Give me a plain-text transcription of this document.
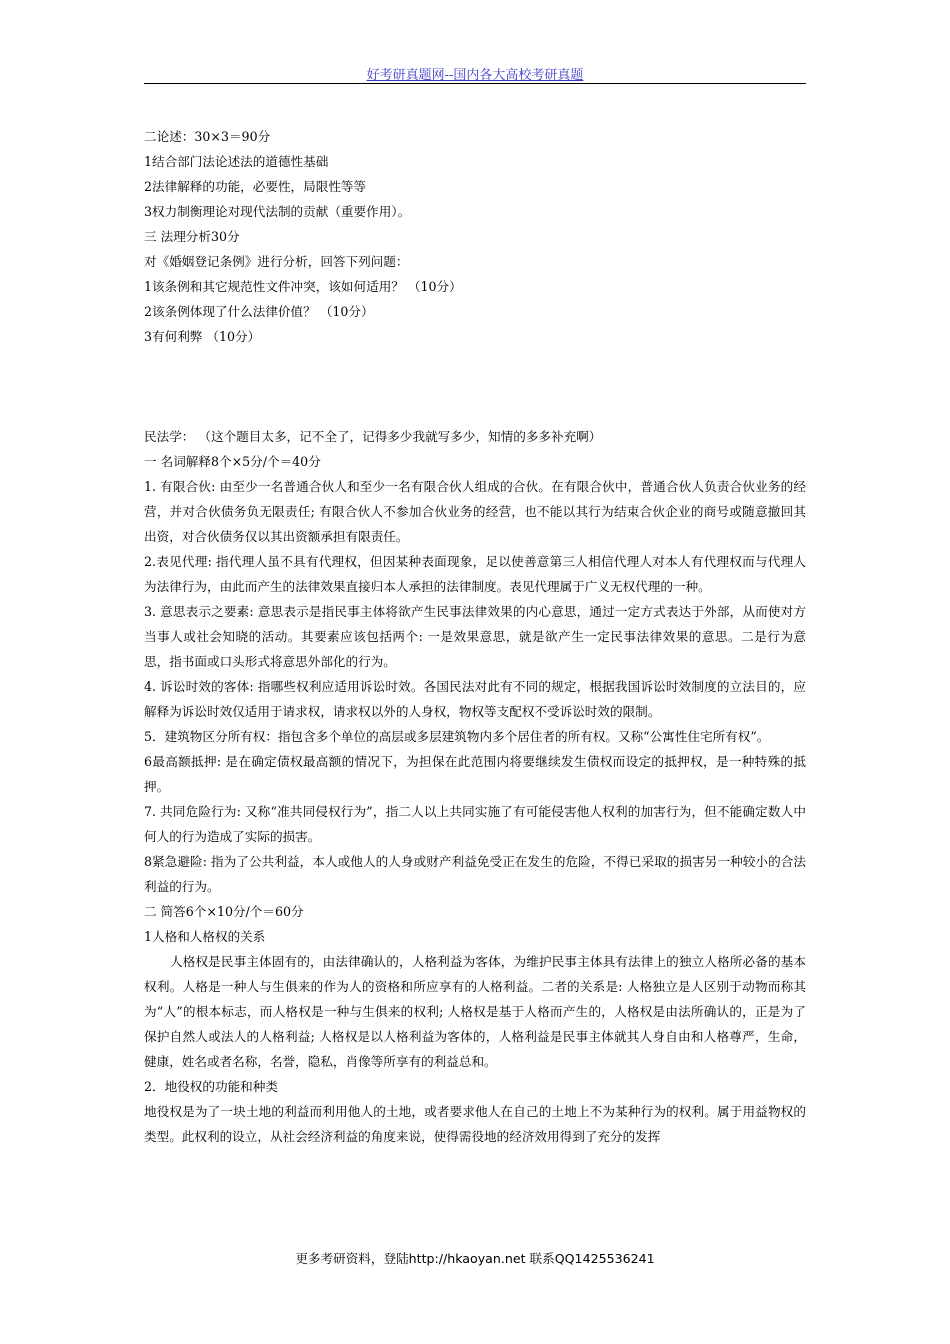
好考研真题网--国内各大高校考研真题

二论述：30×3＝90分

1结合部门法论述法的道德性基础

2法律解释的功能，必要性，局限性等等

3权力制衡理论对现代法制的贡献（重要作用）。

三 法理分析30分

对《婚姻登记条例》进行分析，回答下列问题：

1该条例和其它规范性文件冲突，该如何适用？ （10分）

2该条例体现了什么法律价值？ （10分）

3有何利弊 （10分）

民法学： （这个题目太多，记不全了，记得多少我就写多少，知情的多多补充啊）

一 名词解释8个×5分/个＝40分

1. 有限合伙: 由至少一名普通合伙人和至少一名有限合伙人组成的合伙。在有限合伙中，普通合伙人负责合伙业务的经营，并对合伙债务负无限责任; 有限合伙人不参加合伙业务的经营，也不能以其行为结束合伙企业的商号或随意撤回其出资，对合伙债务仅以其出资额承担有限责任。

2.表见代理: 指代理人虽不具有代理权，但因某种表面现象，足以使善意第三人相信代理人对本人有代理权而与代理人为法律行为，由此而产生的法律效果直接归本人承担的法律制度。表见代理属于广义无权代理的一种。

3. 意思表示之要素: 意思表示是指民事主体将欲产生民事法律效果的内心意思，通过一定方式表达于外部，从而使对方当事人或社会知晓的活动。其要素应该包括两个: 一是效果意思，就是欲产生一定民事法律效果的意思。二是行为意思，指书面或口头形式将意思外部化的行为。

4. 诉讼时效的客体: 指哪些权利应适用诉讼时效。各国民法对此有不同的规定，根据我国诉讼时效制度的立法目的，应解释为诉讼时效仅适用于请求权，请求权以外的人身权，物权等支配权不受诉讼时效的限制。

5．建筑物区分所有权：指包含多个单位的高层或多层建筑物内多个居住者的所有权。又称“公寓性住宅所有权”。

6最高额抵押: 是在确定债权最高额的情况下，为担保在此范围内将要继续发生债权而设定的抵押权，是一种特殊的抵押。

7. 共同危险行为: 又称“准共同侵权行为”，指二人以上共同实施了有可能侵害他人权利的加害行为，但不能确定数人中何人的行为造成了实际的损害。

8紧急避险: 指为了公共利益，本人或他人的人身或财产利益免受正在发生的危险，不得已采取的损害另一种较小的合法利益的行为。

二 简答6个×10分/个＝60分

1人格和人格权的关系

人格权是民事主体固有的，由法律确认的，人格利益为客体，为维护民事主体具有法律上的独立人格所必备的基本权利。人格是一种人与生俱来的作为人的资格和所应享有的人格利益。二者的关系是: 人格独立是人区别于动物而称其为“人”的根本标志，而人格权是一种与生俱来的权利; 人格权是基于人格而产生的，人格权是由法所确认的，正是为了保护自然人或法人的人格利益; 人格权是以人格利益为客体的，人格利益是民事主体就其人身自由和人格尊严，生命，健康，姓名或者名称，名誉，隐私，肖像等所享有的利益总和。

2．地役权的功能和种类

地役权是为了一块土地的利益而利用他人的土地，或者要求他人在自己的土地上不为某种行为的权利。属于用益物权的类型。此权利的设立，从社会经济利益的角度来说，使得需役地的经济效用得到了充分的发挥

更多考研资料，登陆http://hkaoyan.net 联系QQ1425536241
